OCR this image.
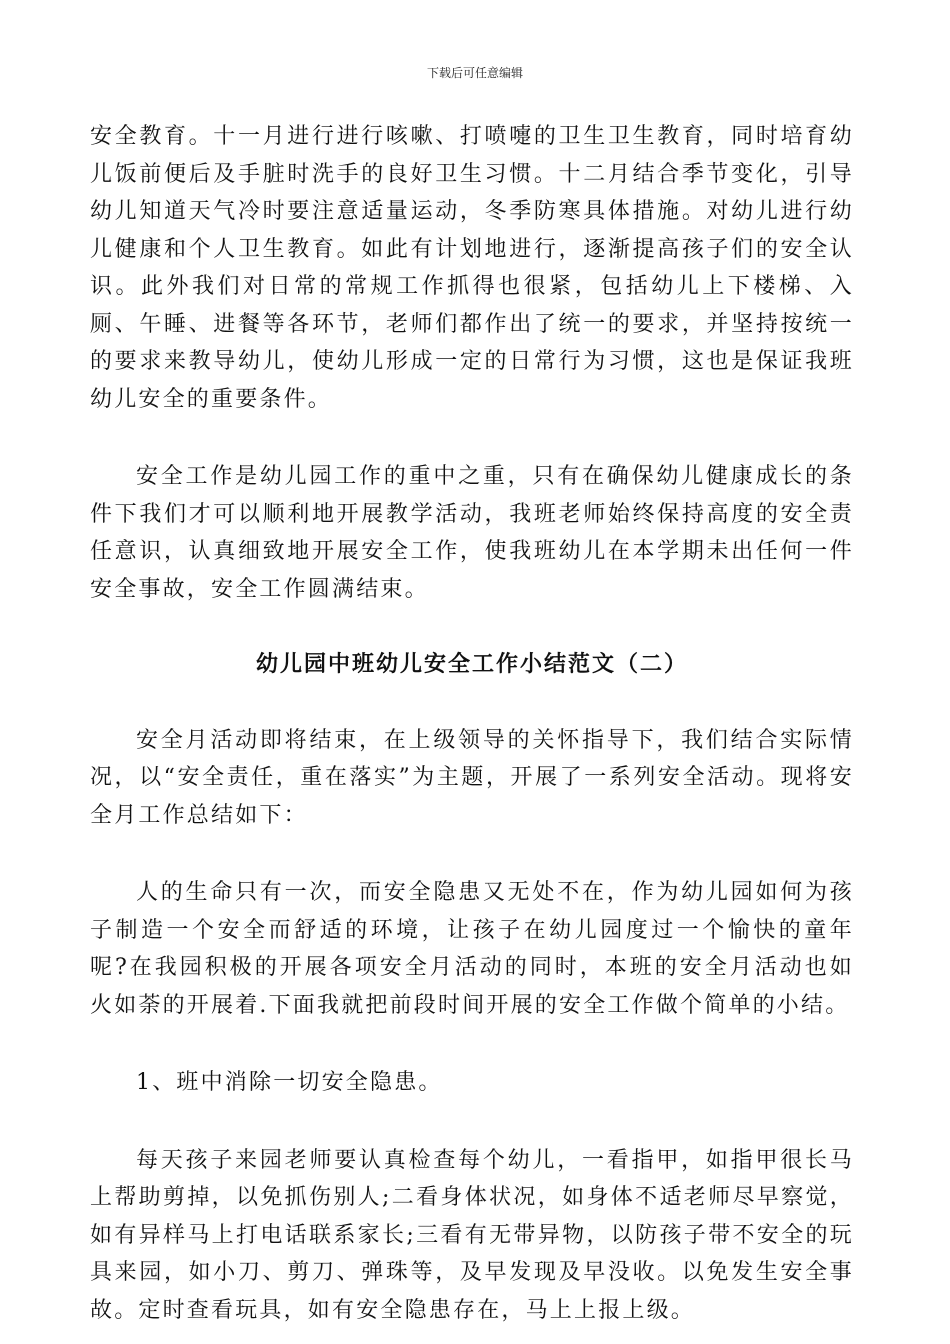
下载后可任意编辑

安全教育。十一月进行进行咳嗽、打喷嚏的卫生卫生教育，同时培育幼儿饭前便后及手脏时洗手的良好卫生习惯。十二月结合季节变化，引导幼儿知道天气冷时要注意适量运动，冬季防寒具体措施。对幼儿进行幼儿健康和个人卫生教育。如此有计划地进行，逐渐提高孩子们的安全认识。此外我们对日常的常规工作抓得也很紧，包括幼儿上下楼梯、入厕、午睡、进餐等各环节，老师们都作出了统一的要求，并坚持按统一的要求来教导幼儿，使幼儿形成一定的日常行为习惯，这也是保证我班幼儿安全的重要条件。

安全工作是幼儿园工作的重中之重，只有在确保幼儿健康成长的条件下我们才可以顺利地开展教学活动，我班老师始终保持高度的安全责任意识，认真细致地开展安全工作，使我班幼儿在本学期未出任何一件安全事故，安全工作圆满结束。

幼儿园中班幼儿安全工作小结范文（二）

安全月活动即将结束，在上级领导的关怀指导下，我们结合实际情况，以“安全责任，重在落实”为主题，开展了一系列安全活动。现将安全月工作总结如下：

人的生命只有一次，而安全隐患又无处不在，作为幼儿园如何为孩子制造一个安全而舒适的环境，让孩子在幼儿园度过一个愉快的童年呢?在我园积极的开展各项安全月活动的同时，本班的安全月活动也如火如荼的开展着.下面我就把前段时间开展的安全工作做个简单的小结。

1、班中消除一切安全隐患。

每天孩子来园老师要认真检查每个幼儿，一看指甲，如指甲很长马上帮助剪掉，以免抓伤别人;二看身体状况，如身体不适老师尽早察觉，如有异样马上打电话联系家长;三看有无带异物，以防孩子带不安全的玩具来园，如小刀、剪刀、弹珠等，及早发现及早没收。以免发生安全事故。定时查看玩具，如有安全隐患存在，马上上报上级。
